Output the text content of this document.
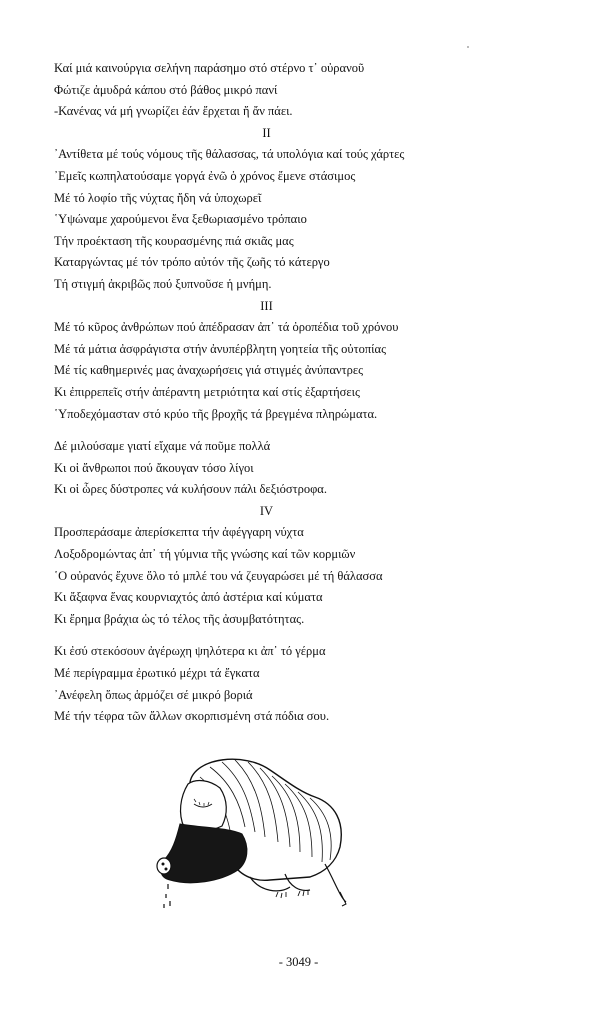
Καί μιά καινούργια σελήνη παράσημο στό στέρνο τ᾽ οὐρανοῦ

Φώτιζε ἀμυδρά κάπου στό βάθος μικρό πανί

-Κανένας νά μή γνωρίζει ἐάν ἔρχεται ἤ ἄν πάει.

ΙΙ

᾽Αντίθετα μέ τούς νόμους τῆς θάλασσας, τά υπολόγια καί τούς χάρτες

᾽Εμεῖς κωπηλατούσαμε γοργά ἐνῶ ὁ χρόνος ἔμενε στάσιμος

Μέ τό λοφίο τῆς νύχτας ἤδη νά ὑποχωρεῖ

῾Υψώναμε χαρούμενοι ἕνα ξεθωριασμένο τρόπαιο

Τήν προέκταση τῆς κουρασμένης πιά σκιᾶς μας

Καταργώντας μέ τόν τρόπο αὐτόν τῆς ζωῆς τό κάτεργο

Τή στιγμή ἀκριβῶς πού ξυπνοῦσε ἡ μνήμη.

ΙΙΙ

Μέ τό κῦρος ἀνθρώπων πού ἀπέδρασαν ἀπ᾽ τά ὀροπέδια τοῦ χρόνου

Μέ τά μάτια ἀσφράγιστα στήν ἀνυπέρβλητη γοητεία τῆς οὐτοπίας

Μέ τίς καθημερινές μας ἀναχωρήσεις γιά στιγμές ἀνύπαντρες

Κι ἐπιρρεπεῖς στήν ἀπέραντη μετριότητα καί στίς ἐξαρτήσεις

῾Υποδεχόμασταν στό κρύο τῆς βροχῆς τά βρεγμένα πληρώματα.

Δέ μιλούσαμε γιατί εἴχαμε νά ποῦμε πολλά

Κι οἱ ἄνθρωποι πού ἄκουγαν τόσο λίγοι

Κι οἱ ὧρες δύστροπες νά κυλήσουν πάλι δεξιόστροφα.

IV

Προσπεράσαμε ἀπερίσκεπτα τήν ἀφέγγαρη νύχτα

Λοξοδρομώντας ἀπ᾽ τή γύμνια τῆς γνώσης καί τῶν κορμιῶν

῾Ο οὐρανός ἔχυνε ὅλο τό μπλέ του νά ζευγαρώσει μέ τή θάλασσα

Κι ἄξαφνα ἕνας κουρνιαχτός ἀπό ἀστέρια καί κύματα

Κι ἔρημα βράχια ὡς τό τέλος τῆς ἀσυμβατότητας.

Κι ἐσύ στεκόσουν ἀγέρωχη ψηλότερα κι ἀπ᾽ τό γέρμα

Μέ περίγραμμα ἐρωτικό μέχρι τά ἔγκατα

᾽Ανέφελη ὅπως ἁρμόζει σέ μικρό βοριά

Μέ τήν τέφρα τῶν ἄλλων σκορπισμένη στά πόδια σου.

- 3049 -
